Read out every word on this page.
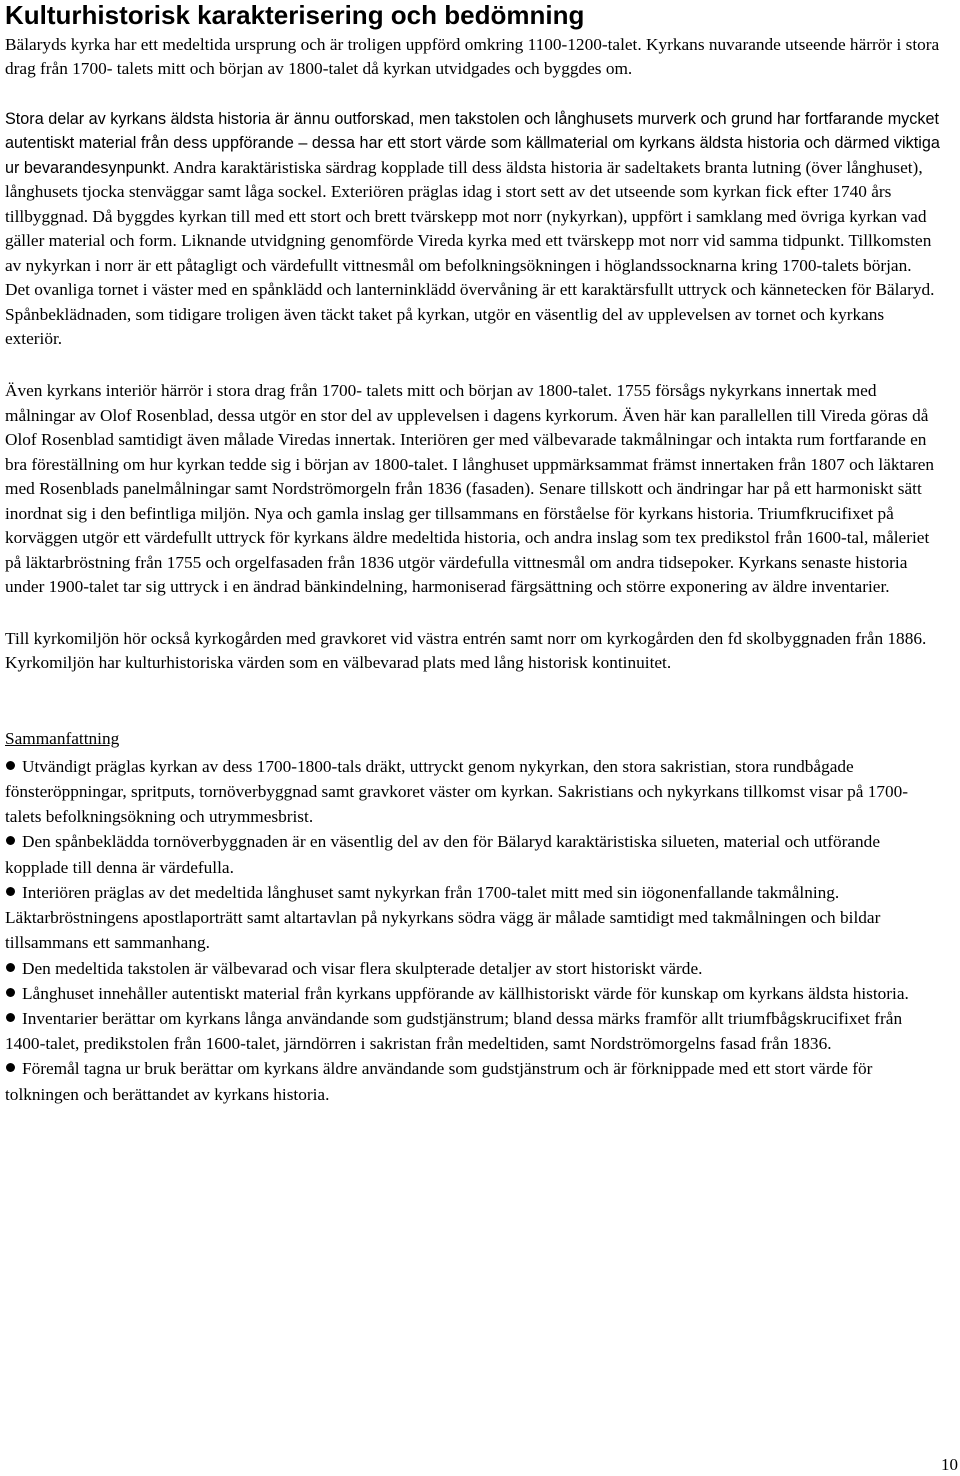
Kulturhistorisk karakterisering och bedömning

Bälaryds kyrka har ett medeltida ursprung och är troligen uppförd omkring 1100-1200-talet. Kyrkans nuvarande utseende härrör i stora drag från 1700- talets mitt och början av 1800-talet då kyrkan utvidgades och byggdes om.

Stora delar av kyrkans äldsta historia är ännu outforskad, men takstolen och långhusets murverk och grund har fortfarande mycket autentiskt material från dess uppförande – dessa har ett stort värde som källmaterial om kyrkans äldsta historia och därmed viktiga ur bevarandesynpunkt. Andra karaktäristiska särdrag kopplade till dess äldsta historia är sadeltakets branta lutning (över långhuset), långhusets tjocka stenväggar samt låga sockel. Exteriören präglas idag i stort sett av det utseende som kyrkan fick efter 1740 års tillbyggnad. Då byggdes kyrkan till med ett stort och brett tvärskepp mot norr (nykyrkan), uppfört i samklang med övriga kyrkan vad gäller material och form. Liknande utvidgning genomförde Vireda kyrka med ett tvärskepp mot norr vid samma tidpunkt. Tillkomsten av nykyrkan i norr är ett påtagligt och värdefullt vittnesmål om befolkningsökningen i höglandssocknarna kring 1700-talets början. Det ovanliga tornet i väster med en spånklädd och lanterninklädd övervåning är ett karaktärsfullt uttryck och kännetecken för Bälaryd. Spånbeklädnaden, som tidigare troligen även täckt taket på kyrkan, utgör en väsentlig del av upplevelsen av tornet och kyrkans exteriör.

Även kyrkans interiör härrör i stora drag från 1700- talets mitt och början av 1800-talet. 1755 försågs nykyrkans innertak med målningar av Olof Rosenblad, dessa utgör en stor del av upplevelsen i dagens kyrkorum. Även här kan parallellen till Vireda göras då Olof Rosenblad samtidigt även målade Viredas innertak. Interiören ger med välbevarade takmålningar och intakta rum fortfarande en bra föreställning om hur kyrkan tedde sig i början av 1800-talet. I långhuset uppmärksammat främst innertaken från 1807 och läktaren med Rosenblads panelmålningar samt Nordströmorgeln från 1836 (fasaden). Senare tillskott och ändringar har på ett harmoniskt sätt inordnat sig i den befintliga miljön. Nya och gamla inslag ger tillsammans en förståelse för kyrkans historia. Triumfkrucifixet på korväggen utgör ett värdefullt uttryck för kyrkans äldre medeltida historia, och andra inslag som tex predikstol från 1600-tal, måleriet på läktarbröstning från 1755 och orgelfasaden från 1836 utgör värdefulla vittnesmål om andra tidsepoker. Kyrkans senaste historia under 1900-talet tar sig uttryck i en ändrad bänkindelning, harmoniserad färgsättning och större exponering av äldre inventarier.

Till kyrkomiljön hör också kyrkogården med gravkoret vid västra entrén samt norr om kyrkogården den fd skolbyggnaden från 1886. Kyrkomiljön har kulturhistoriska värden som en välbevarad plats med lång historisk kontinuitet.

Sammanfattning
Utvändigt präglas kyrkan av dess 1700-1800-tals dräkt, uttryckt genom nykyrkan, den stora sakristian, stora rundbågade fönsteröppningar, spritputs, tornöverbyggnad samt gravkoret väster om kyrkan. Sakristians och nykyrkans tillkomst visar på 1700-talets befolkningsökning och utrymmesbrist.
Den spånbeklädda tornöverbyggnaden är en väsentlig del av den för Bälaryd karaktäristiska silueten, material och utförande kopplade till denna är värdefulla.
Interiören präglas av det medeltida långhuset samt nykyrkan från 1700-talet mitt med sin iögonenfallande takmålning. Läktarbröstningens apostlaporträtt samt altartavlan på nykyrkans södra vägg är målade samtidigt med takmålningen och bildar tillsammans ett sammanhang.
Den medeltida takstolen är välbevarad och visar flera skulpterade detaljer av stort historiskt värde.
Långhuset innehåller autentiskt material från kyrkans uppförande av källhistoriskt värde för kunskap om kyrkans äldsta historia.
Inventarier berättar om kyrkans långa användande som gudstjänstrum; bland dessa märks framför allt triumfbågskrucifixet från 1400-talet, predikstolen från 1600-talet, järndörren i sakristan från medeltiden, samt Nordströmorgelns fasad från 1836.
Föremål tagna ur bruk berättar om kyrkans äldre användande som gudstjänstrum och är förknippade med ett stort värde för tolkningen och berättandet av kyrkans historia.
10
